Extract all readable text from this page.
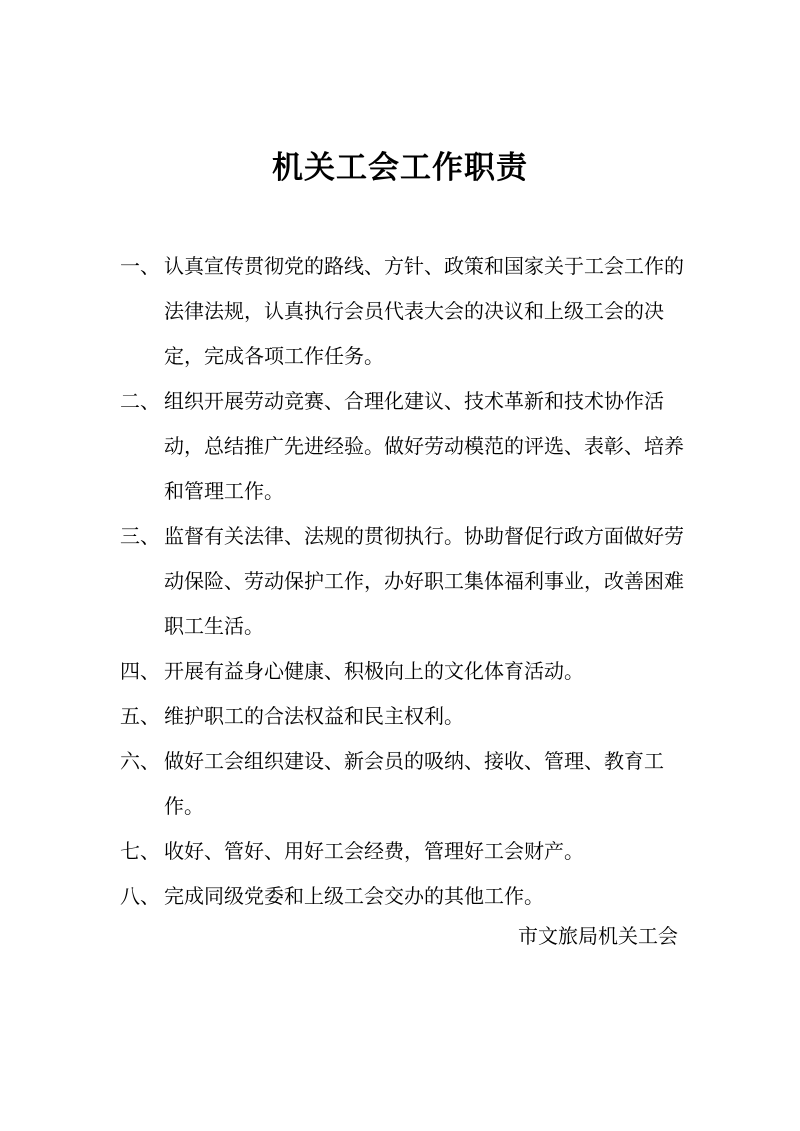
机关工会工作职责
一、 认真宣传贯彻党的路线、方针、政策和国家关于工会工作的法律法规，认真执行会员代表大会的决议和上级工会的决定，完成各项工作任务。
二、 组织开展劳动竞赛、合理化建议、技术革新和技术协作活动，总结推广先进经验。做好劳动模范的评选、表彰、培养和管理工作。
三、 监督有关法律、法规的贯彻执行。协助督促行政方面做好劳动保险、劳动保护工作，办好职工集体福利事业，改善困难职工生活。
四、 开展有益身心健康、积极向上的文化体育活动。
五、 维护职工的合法权益和民主权利。
六、 做好工会组织建设、新会员的吸纳、接收、管理、教育工作。
七、 收好、管好、用好工会经费，管理好工会财产。
八、 完成同级党委和上级工会交办的其他工作。

市文旅局机关工会
